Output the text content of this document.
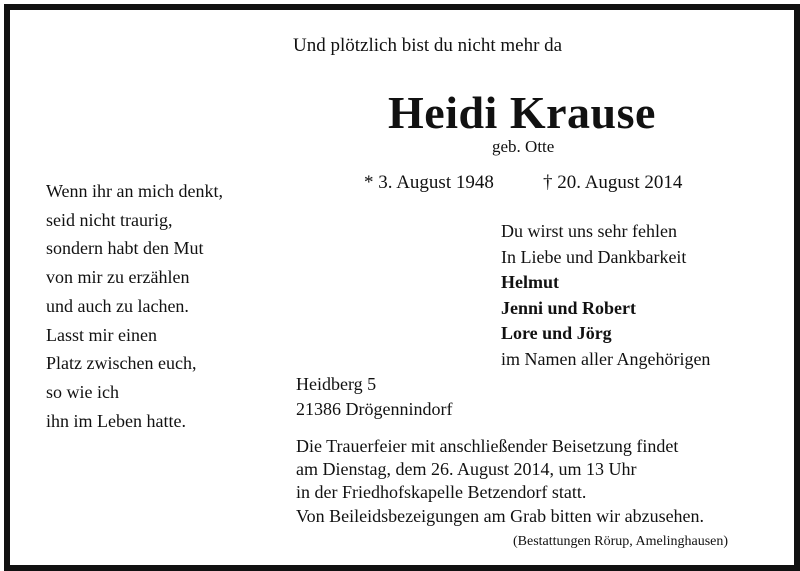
Und plötzlich bist du nicht mehr da
Heidi Krause
geb. Otte
* 3. August 1948	† 20. August 2014
Wenn ihr an mich denkt,
seid nicht traurig,
sondern habt den Mut
von mir zu erzählen
und auch zu lachen.
Lasst mir einen
Platz zwischen euch,
so wie ich
ihn im Leben hatte.
Du wirst uns sehr fehlen
In Liebe und Dankbarkeit
Helmut
Jenni und Robert
Lore und Jörg
im Namen aller Angehörigen
Heidberg 5
21386 Drögennindorf
Die Trauerfeier mit anschließender Beisetzung findet
am Dienstag, dem 26. August 2014, um 13 Uhr
in der Friedhofskapelle Betzendorf statt.
Von Beileidsbezeigungen am Grab bitten wir abzusehen.
(Bestattungen Rörup, Amelinghausen)
